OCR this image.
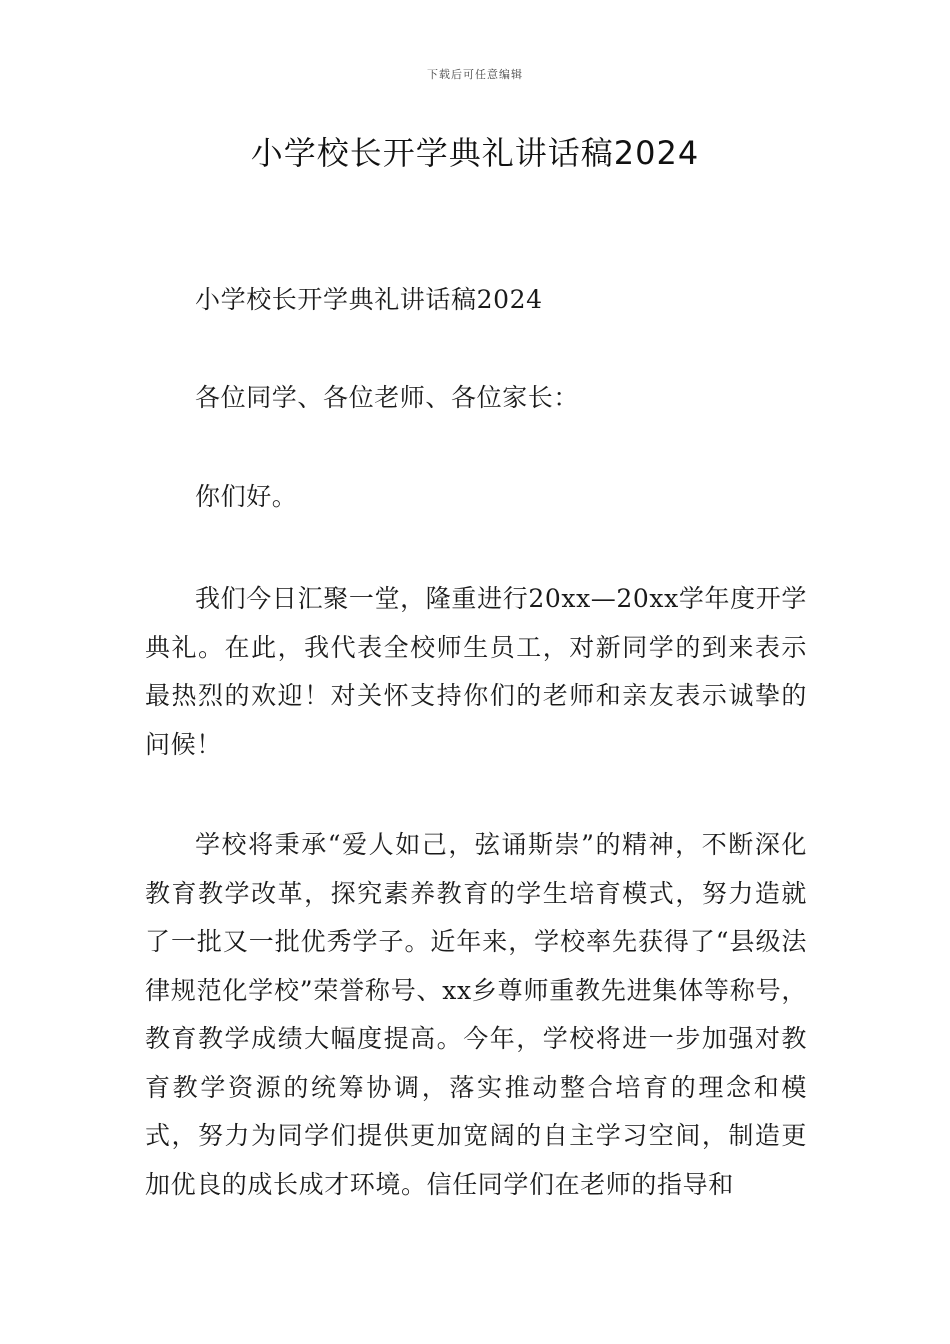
下载后可任意编辑
小学校长开学典礼讲话稿2024

小学校长开学典礼讲话稿2024

各位同学、各位老师、各位家长：

你们好。

我们今日汇聚一堂，隆重进行20xx—20xx学年度开学典礼。在此，我代表全校师生员工，对新同学的到来表示最热烈的欢迎！对关怀支持你们的老师和亲友表示诚挚的问候！

学校将秉承“爱人如己，弦诵斯崇”的精神，不断深化教育教学改革，探究素养教育的学生培育模式，努力造就了一批又一批优秀学子。近年来，学校率先获得了“县级法律规范化学校”荣誉称号、xx乡尊师重教先进集体等称号，教育教学成绩大幅度提高。今年，学校将进一步加强对教育教学资源的统筹协调，落实推动整合培育的理念和模式，努力为同学们提供更加宽阔的自主学习空间，制造更加优良的成长成才环境。信任同学们在老师的指导和
